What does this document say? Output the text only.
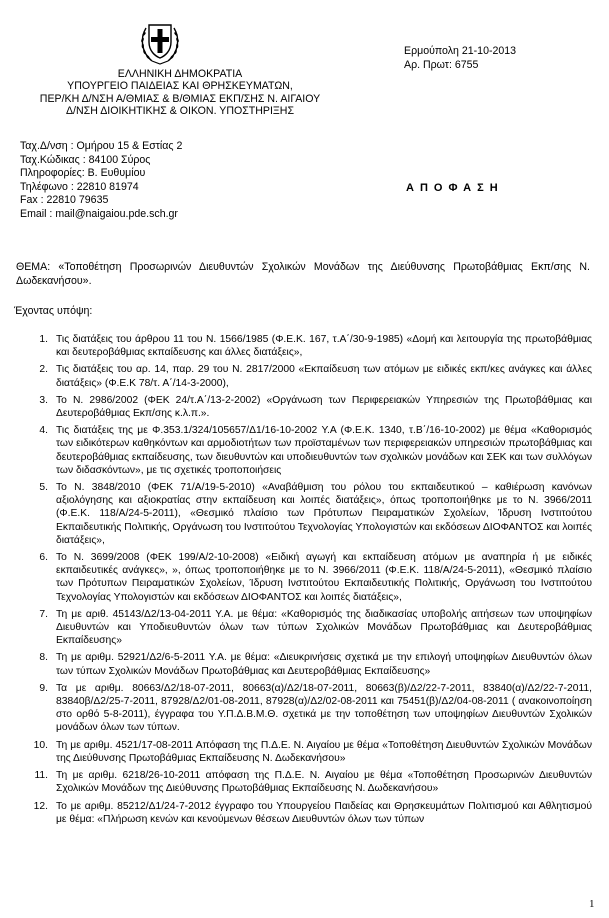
ΕΛΛΗΝΙΚΗ ΔΗΜΟΚΡΑΤΙΑ
ΥΠΟΥΡΓΕΙΟ ΠΑΙΔΕΙΑΣ ΚΑΙ ΘΡΗΣΚΕΥΜΑΤΩΝ,
ΠΕΡ/ΚΗ Δ/ΝΣΗ Α/ΘΜΙΑΣ & Β/ΘΜΙΑΣ ΕΚΠ/ΣΗΣ Ν. ΑΙΓΑΙΟΥ
Δ/ΝΣΗ ΔΙΟΙΚΗΤΙΚΗΣ & ΟΙΚΟΝ. ΥΠΟΣΤΗΡΙΞΗΣ
Ερμούπολη 21-10-2013
Αρ. Πρωτ: 6755
Ταχ.Δ/νση : Ομήρου 15 & Εστίας 2
Ταχ.Κώδικας : 84100 Σύρος
Πληροφορίες: Β. Ευθυμίου
Τηλέφωνο : 22810 81974
Fax : 22810 79635
Email : mail@naigaiou.pde.sch.gr
ΑΠΟΦΑΣΗ
ΘΕΜΑ: «Τοποθέτηση Προσωρινών Διευθυντών Σχολικών Μονάδων της Διεύθυνσης Πρωτοβάθμιας Εκπ/σης Ν. Δωδεκανήσου».
Έχοντας υπόψη:
1. Τις διατάξεις του άρθρου 11 του Ν. 1566/1985 (Φ.Ε.Κ. 167, τ.Α΄/30-9-1985) «Δομή και λειτουργία της πρωτοβάθμιας και δευτεροβάθμιας εκπαίδευσης και άλλες διατάξεις»,
2. Τις διατάξεις του αρ. 14, παρ. 29 του Ν. 2817/2000 «Εκπαίδευση των ατόμων με ειδικές εκπ/κες ανάγκες και άλλες διατάξεις» (Φ.Ε.Κ 78/τ. Α΄/14-3-2000),
3. Το Ν. 2986/2002 (ΦΕΚ 24/τ.Α΄/13-2-2002) «Οργάνωση των Περιφερειακών Υπηρεσιών της Πρωτοβάθμιας και Δευτεροβάθμιας Εκπ/σης κ.λ.π.».
4. Τις διατάξεις της με Φ.353.1/324/105657/Δ1/16-10-2002 Υ.Α (Φ.Ε.Κ. 1340, τ.Β΄/16-10-2002) με θέμα «Καθορισμός των ειδικότερων καθηκόντων και αρμοδιοτήτων των προϊσταμένων των περιφερειακών υπηρεσιών πρωτοβάθμιας και δευτεροβάθμιας εκπαίδευσης, των διευθυντών και υποδιευθυντών των σχολικών μονάδων και ΣΕΚ και των συλλόγων των διδασκόντων», με τις σχετικές τροποποιήσεις
5. Το Ν. 3848/2010 (ΦΕΚ 71/Α/19-5-2010) «Αναβάθμιση του ρόλου του εκπαιδευτικού – καθιέρωση κανόνων αξιολόγησης και αξιοκρατίας στην εκπαίδευση και λοιπές διατάξεις», όπως τροποποιήθηκε με το Ν. 3966/2011 (Φ.Ε.Κ. 118/Α/24-5-2011), «Θεσμικό πλαίσιο των Πρότυπων Πειραματικών Σχολείων, Ίδρυση Ινστιτούτου Εκπαιδευτικής Πολιτικής, Οργάνωση του Ινστιτούτου Τεχνολογίας Υπολογιστών και εκδόσεων ΔΙΟΦΑΝΤΟΣ και λοιπές διατάξεις»,
6. Το Ν. 3699/2008 (ΦΕΚ 199/Α/2-10-2008) «Ειδική αγωγή και εκπαίδευση ατόμων με αναπηρία ή με ειδικές εκπαιδευτικές ανάγκες», », όπως τροποποιήθηκε με το Ν. 3966/2011 (Φ.Ε.Κ. 118/Α/24-5-2011), «Θεσμικό πλαίσιο των Πρότυπων Πειραματικών Σχολείων, Ίδρυση Ινστιτούτου Εκπαιδευτικής Πολιτικής, Οργάνωση του Ινστιτούτου Τεχνολογίας Υπολογιστών και εκδόσεων ΔΙΟΦΑΝΤΟΣ και λοιπές διατάξεις»,
7. Τη με αριθ. 45143/Δ2/13-04-2011 Υ.Α. με θέμα: «Καθορισμός της διαδικασίας υποβολής αιτήσεων των υποψηφίων Διευθυντών και Υποδιευθυντών όλων των τύπων Σχολικών Μονάδων Πρωτοβάθμιας και Δευτεροβάθμιας Εκπαίδευσης»
8. Τη με αριθμ. 52921/Δ2/6-5-2011 Υ.Α. με θέμα: «Διευκρινήσεις σχετικά με την επιλογή υποψηφίων Διευθυντών όλων των τύπων Σχολικών Μονάδων Πρωτοβάθμιας και Δευτεροβάθμιας Εκπαίδευσης»
9. Τα με αριθμ. 80663/Δ2/18-07-2011, 80663(α)/Δ2/18-07-2011, 80663(β)/Δ2/22-7-2011, 83840(α)/Δ2/22-7-2011, 83840β/Δ2/25-7-2011, 87928/Δ2/01-08-2011, 87928(α)/Δ2/02-08-2011 και 75451(β)/Δ2/04-08-2011 ( ανακοινοποίηση στο ορθό 5-8-2011), έγγραφα του Υ.Π.Δ.Β.Μ.Θ. σχετικά με την τοποθέτηση των υποψηφίων Διευθυντών Σχολικών μονάδων όλων των τύπων.
10. Τη με αριθμ. 4521/17-08-2011 Απόφαση της Π.Δ.Ε. Ν. Αιγαίου με θέμα «Τοποθέτηση Διευθυντών Σχολικών Μονάδων της Διεύθυνσης Πρωτοβάθμιας Εκπαίδευσης Ν. Δωδεκανήσου»
11. Τη με αριθμ. 6218/26-10-2011 απόφαση της Π.Δ.Ε. Ν. Αιγαίου με θέμα «Τοποθέτηση Προσωρινών Διευθυντών Σχολικών Μονάδων της Διεύθυνσης Πρωτοβάθμιας Εκπαίδευσης Ν. Δωδεκανήσου»
12. Το με αριθμ. 85212/Δ1/24-7-2012 έγγραφο του Υπουργείου Παιδείας και Θρησκευμάτων Πολιτισμού και Αθλητισμού με θέμα: «Πλήρωση κενών και κενούμενων θέσεων Διευθυντών όλων των τύπων
1
